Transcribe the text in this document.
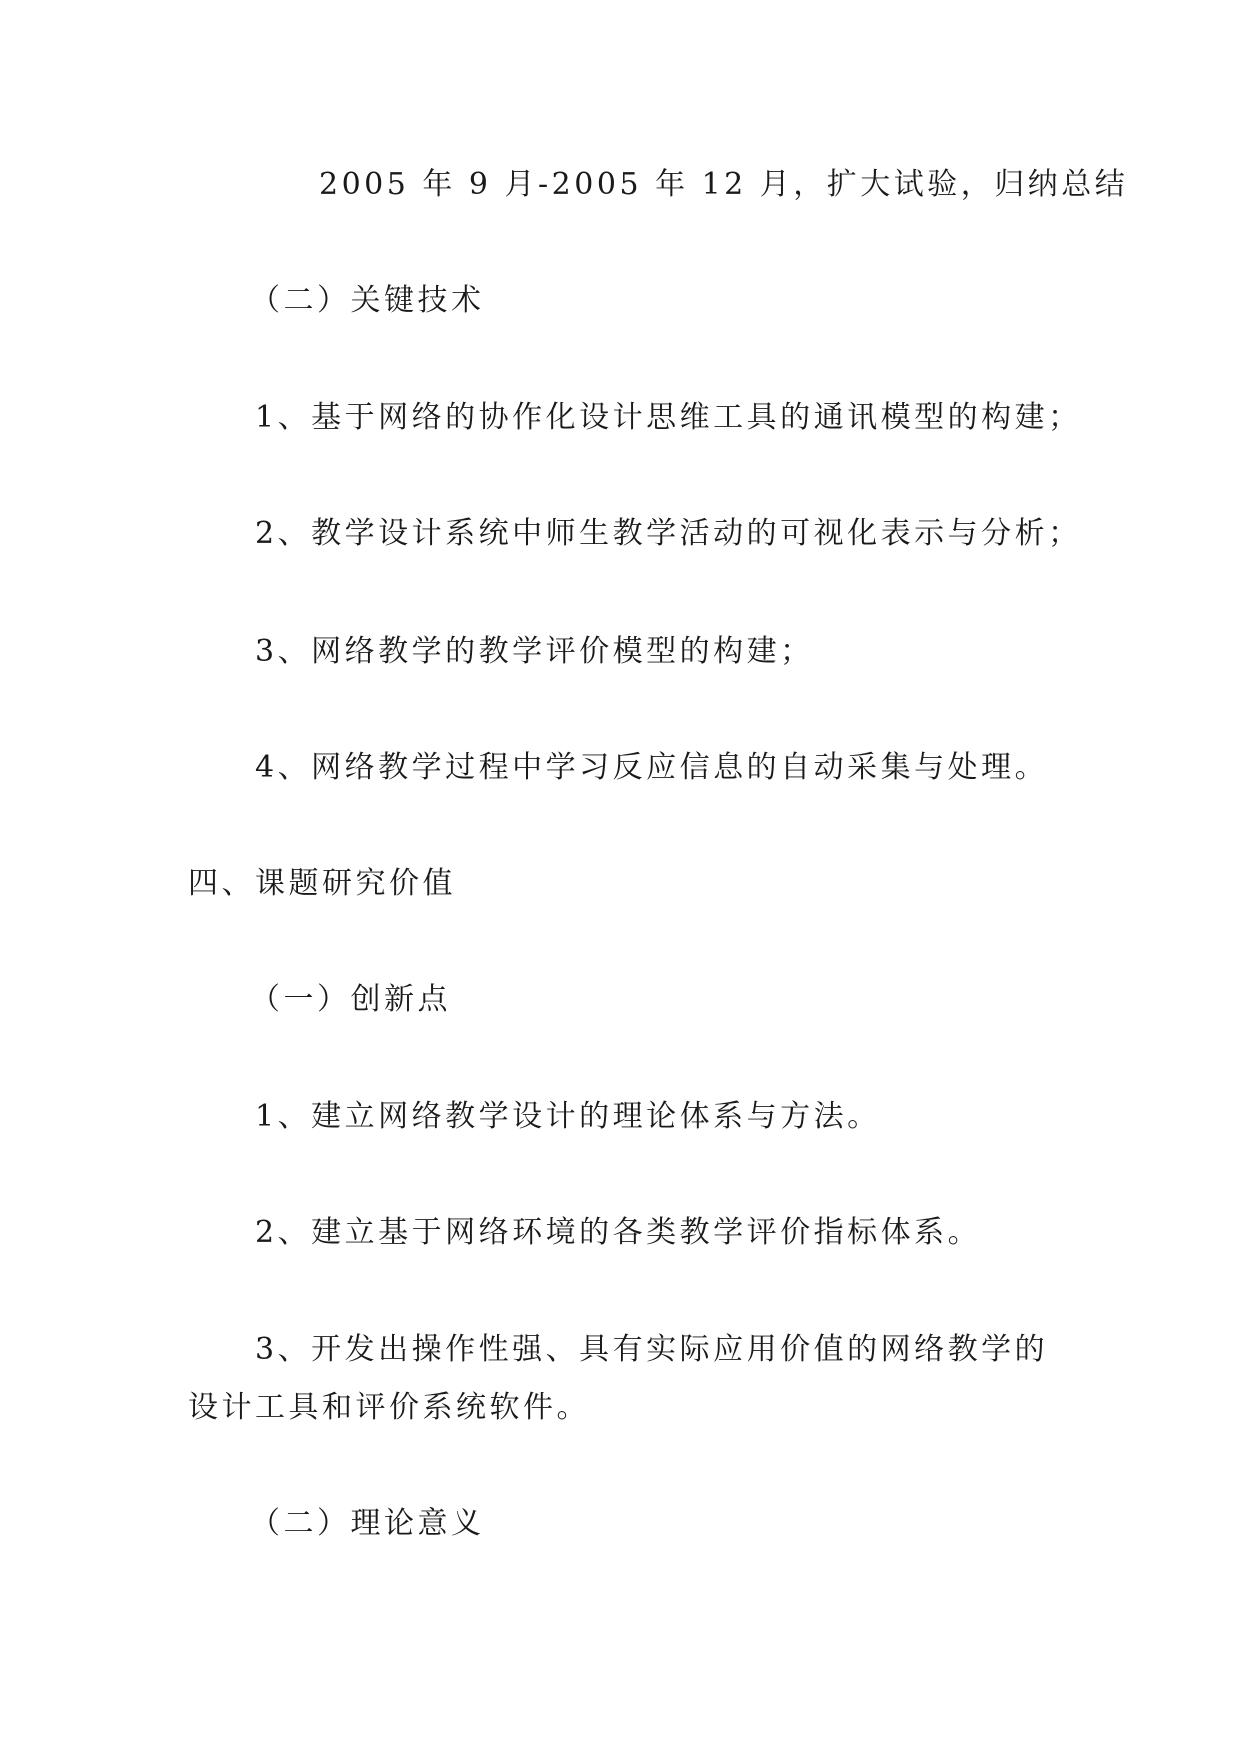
2005 年 9 月-2005 年 12 月，扩大试验，归纳总结
（二）关键技术
1、基于网络的协作化设计思维工具的通讯模型的构建；
2、教学设计系统中师生教学活动的可视化表示与分析；
3、网络教学的教学评价模型的构建；
4、网络教学过程中学习反应信息的自动采集与处理。
四、课题研究价值
（一）创新点
1、建立网络教学设计的理论体系与方法。
2、建立基于网络环境的各类教学评价指标体系。
3、开发出操作性强、具有实际应用价值的网络教学的
设计工具和评价系统软件。
（二）理论意义
